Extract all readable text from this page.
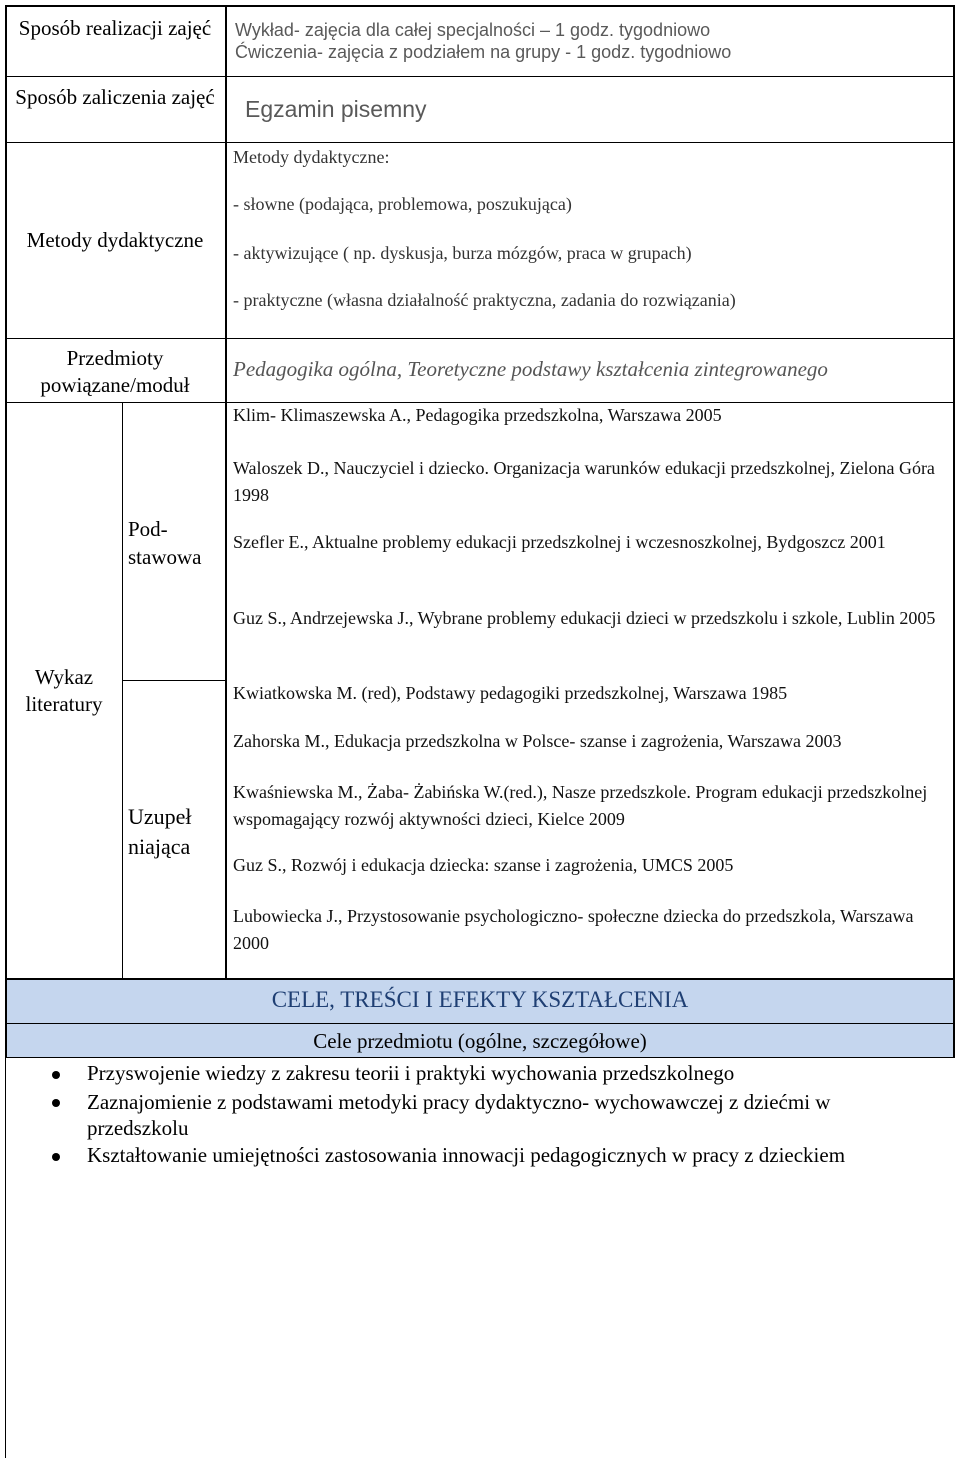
Sposób realizacji zajęć	Wykład- zajęcia dla całej specjalności – 1 godz. tygodniowo
Ćwiczenia- zajęcia z podziałem na grupy - 1 godz. tygodniowo
Sposób zaliczenia zajęć Egzamin pisemny
Metody dydaktyczne
Metody dydaktyczne:
- słowne (podająca, problemowa, poszukująca)
- aktywizujące ( np. dyskusja, burza mózgów, praca w grupach)
- praktyczne (własna działalność praktyczna, zadania do rozwiązania)
Przedmioty powiązane/moduł
Pedagogika ogólna, Teoretyczne podstawy kształcenia zintegrowanego
Wykaz literatury
Pod- stawowa
Uzupeł niająca
Klim- Klimaszewska A., Pedagogika przedszkolna, Warszawa 2005
Waloszek D., Nauczyciel i dziecko. Organizacja warunków edukacji przedszkolnej, Zielona Góra 1998
Szefler E., Aktualne problemy edukacji przedszkolnej i wczesnoszkolnej, Bydgoszcz 2001
Guz S., Andrzejewska J., Wybrane problemy edukacji dzieci w przedszkolu i szkole, Lublin 2005
Kwiatkowska M. (red), Podstawy pedagogiki przedszkolnej, Warszawa 1985
Zahorska M., Edukacja przedszkolna w Polsce- szanse i zagrożenia, Warszawa 2003
Kwaśniewska M., Żaba- Żabińska W.(red.), Nasze przedszkole. Program edukacji przedszkolnej wspomagający rozwój aktywności dzieci, Kielce 2009
Guz S., Rozwój i edukacja dziecka: szanse i zagrożenia, UMCS 2005
Lubowiecka J., Przystosowanie psychologiczno- społeczne dziecka do przedszkola, Warszawa 2000
CELE, TREŚCI I EFEKTY KSZTAŁCENIA
Cele przedmiotu (ogólne, szczegółowe)
Przyswojenie wiedzy z zakresu teorii i praktyki wychowania przedszkolnego
Zaznajomienie z podstawami metodyki pracy dydaktyczno- wychowawczej z dziećmi w przedszkolu
Kształtowanie umiejętności zastosowania innowacji pedagogicznych w pracy z dzieckiem
